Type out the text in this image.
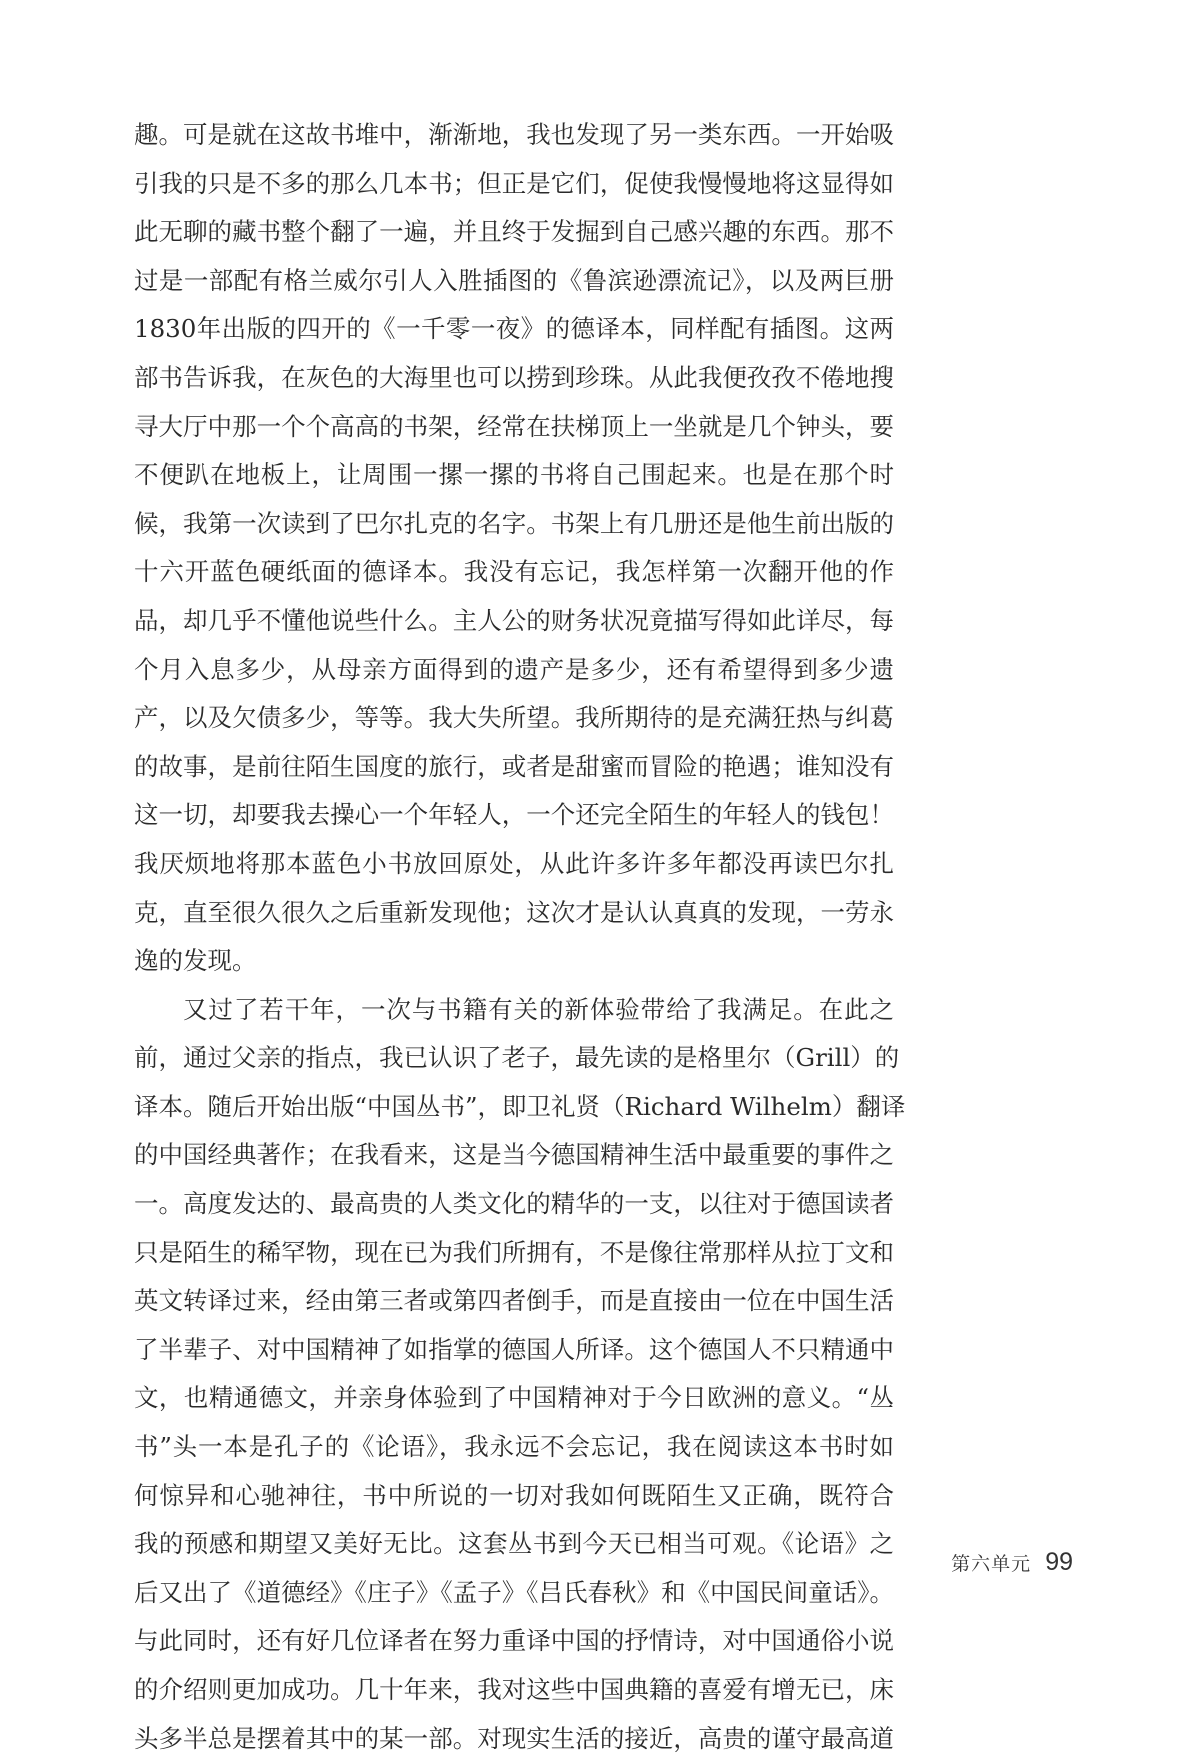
趣。可是就在这故书堆中，渐渐地，我也发现了另一类东西。一开始吸
引我的只是不多的那么几本书；但正是它们，促使我慢慢地将这显得如
此无聊的藏书整个翻了一遍，并且终于发掘到自己感兴趣的东西。那不
过是一部配有格兰威尔引人入胜插图的《鲁滨逊漂流记》，以及两巨册
1830年出版的四开的《一千零一夜》的德译本，同样配有插图。这两
部书告诉我，在灰色的大海里也可以捞到珍珠。从此我便孜孜不倦地搜
寻大厅中那一个个高高的书架，经常在扶梯顶上一坐就是几个钟头，要
不便趴在地板上，让周围一摞一摞的书将自己围起来。也是在那个时
候，我第一次读到了巴尔扎克的名字。书架上有几册还是他生前出版的
十六开蓝色硬纸面的德译本。我没有忘记，我怎样第一次翻开他的作
品，却几乎不懂他说些什么。主人公的财务状况竟描写得如此详尽，每
个月入息多少，从母亲方面得到的遗产是多少，还有希望得到多少遗
产，以及欠债多少，等等。我大失所望。我所期待的是充满狂热与纠葛
的故事，是前往陌生国度的旅行，或者是甜蜜而冒险的艳遇；谁知没有
这一切，却要我去操心一个年轻人，一个还完全陌生的年轻人的钱包！
我厌烦地将那本蓝色小书放回原处，从此许多许多年都没再读巴尔扎
克，直至很久很久之后重新发现他；这次才是认认真真的发现，一劳永
逸的发现。
又过了若干年，一次与书籍有关的新体验带给了我满足。在此之
前，通过父亲的指点，我已认识了老子，最先读的是格里尔（Grill）的
译本。随后开始出版“中国丛书”，即卫礼贤（Richard Wilhelm）翻译
的中国经典著作；在我看来，这是当今德国精神生活中最重要的事件之
一。高度发达的、最高贵的人类文化的精华的一支，以往对于德国读者
只是陌生的稀罕物，现在已为我们所拥有，不是像往常那样从拉丁文和
英文转译过来，经由第三者或第四者倒手，而是直接由一位在中国生活
了半辈子、对中国精神了如指掌的德国人所译。这个德国人不只精通中
文，也精通德文，并亲身体验到了中国精神对于今日欧洲的意义。“丛
书”头一本是孔子的《论语》，我永远不会忘记，我在阅读这本书时如
何惊异和心驰神往，书中所说的一切对我如何既陌生又正确，既符合
我的预感和期望又美好无比。这套丛书到今天已相当可观。《论语》之
后又出了《道德经》《庄子》《孟子》《吕氏春秋》和《中国民间童话》。
与此同时，还有好几位译者在努力重译中国的抒情诗，对中国通俗小说
的介绍则更加成功。几十年来，我对这些中国典籍的喜爱有增无已，床
头多半总是摆着其中的某一部。对现实生活的接近，高贵的谨守最高道
第六单元 99
